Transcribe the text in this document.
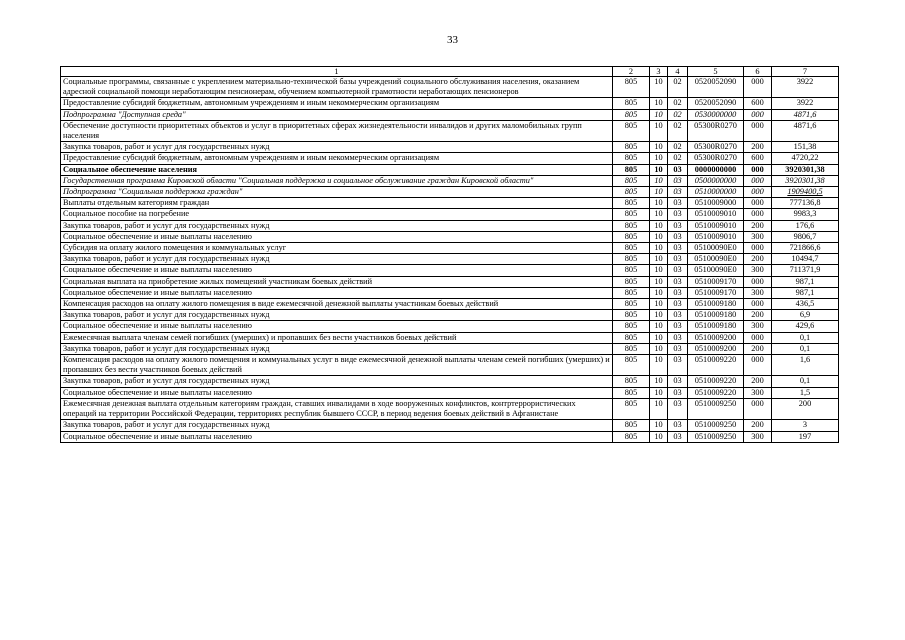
33
1	2	3	4	5	6	7
Социальные программы, связанные с укреплением материально-технической базы учреждений социального обслуживания населения, оказанием адресной социальной помощи неработающим пенсионерам, обучением компьютерной грамотности неработающих пенсионеров	805	10	02	0520052090	000	3922
Предоставление субсидий бюджетным, автономным учреждениям и иным некоммерческим организациям	805	10	02	0520052090	600	3922
Подпрограмма "Доступная среда"	805	10	02	0530000000	000	4871,6
Обеспечение доступности приоритетных объектов и услуг в приоритетных сферах жизнедеятельности инвалидов и других маломобильных групп населения	805	10	02	05300R0270	000	4871,6
Закупка товаров, работ и услуг для государственных нужд	805	10	02	05300R0270	200	151,38
Предоставление субсидий бюджетным, автономным учреждениям и иным некоммерческим организациям	805	10	02	05300R0270	600	4720,22
Социальное обеспечение населения	805	10	03	0000000000	000	3920301,38
Государственная программа Кировской области "Социальная поддержка и социальное обслуживание граждан Кировской области"	805	10	03	0500000000	000	3920301,38
Подпрограмма "Социальная поддержка граждан"	805	10	03	0510000000	000	1909400,5
Выплаты отдельным категориям граждан	805	10	03	0510009000	000	777136,8
Социальное пособие на погребение	805	10	03	0510009010	000	9983,3
Закупка товаров, работ и услуг для государственных нужд	805	10	03	0510009010	200	176,6
Социальное обеспечение и иные выплаты населению	805	10	03	0510009010	300	9806,7
Субсидия на оплату жилого помещения и коммунальных услуг	805	10	03	05100090E0	000	721866,6
Закупка товаров, работ и услуг для государственных нужд	805	10	03	05100090E0	200	10494,7
Социальное обеспечение и иные выплаты населению	805	10	03	05100090E0	300	711371,9
Социальная выплата на приобретение жилых помещений участникам боевых действий	805	10	03	0510009170	000	987,1
Социальное обеспечение и иные выплаты населению	805	10	03	0510009170	300	987,1
Компенсация расходов на оплату жилого помещения в виде ежемесячной денежной выплаты участникам боевых действий	805	10	03	0510009180	000	436,5
Закупка товаров, работ и услуг для государственных нужд	805	10	03	0510009180	200	6,9
Социальное обеспечение и иные выплаты населению	805	10	03	0510009180	300	429,6
Ежемесячная выплата членам семей погибших (умерших) и пропавших без вести участников боевых действий	805	10	03	0510009200	000	0,1
Закупка товаров, работ и услуг для государственных нужд	805	10	03	0510009200	200	0,1
Компенсация расходов на оплату жилого помещения и коммунальных услуг в виде ежемесячной денежной выплаты членам семей погибших (умерших) и пропавших без вести участников боевых действий	805	10	03	0510009220	000	1,6
Закупка товаров, работ и услуг для государственных нужд	805	10	03	0510009220	200	0,1
Социальное обеспечение и иные выплаты населению	805	10	03	0510009220	300	1,5
Ежемесячная денежная выплата отдельным категориям граждан, ставших инвалидами в ходе вооруженных конфликтов, контртеррористических операций на территории Российской Федерации, территориях республик бывшего СССР, в период ведения боевых действий в Афганистане	805	10	03	0510009250	000	200
Закупка товаров, работ и услуг для государственных нужд	805	10	03	0510009250	200	3
Социальное обеспечение и иные выплаты населению	805	10	03	0510009250	300	197
